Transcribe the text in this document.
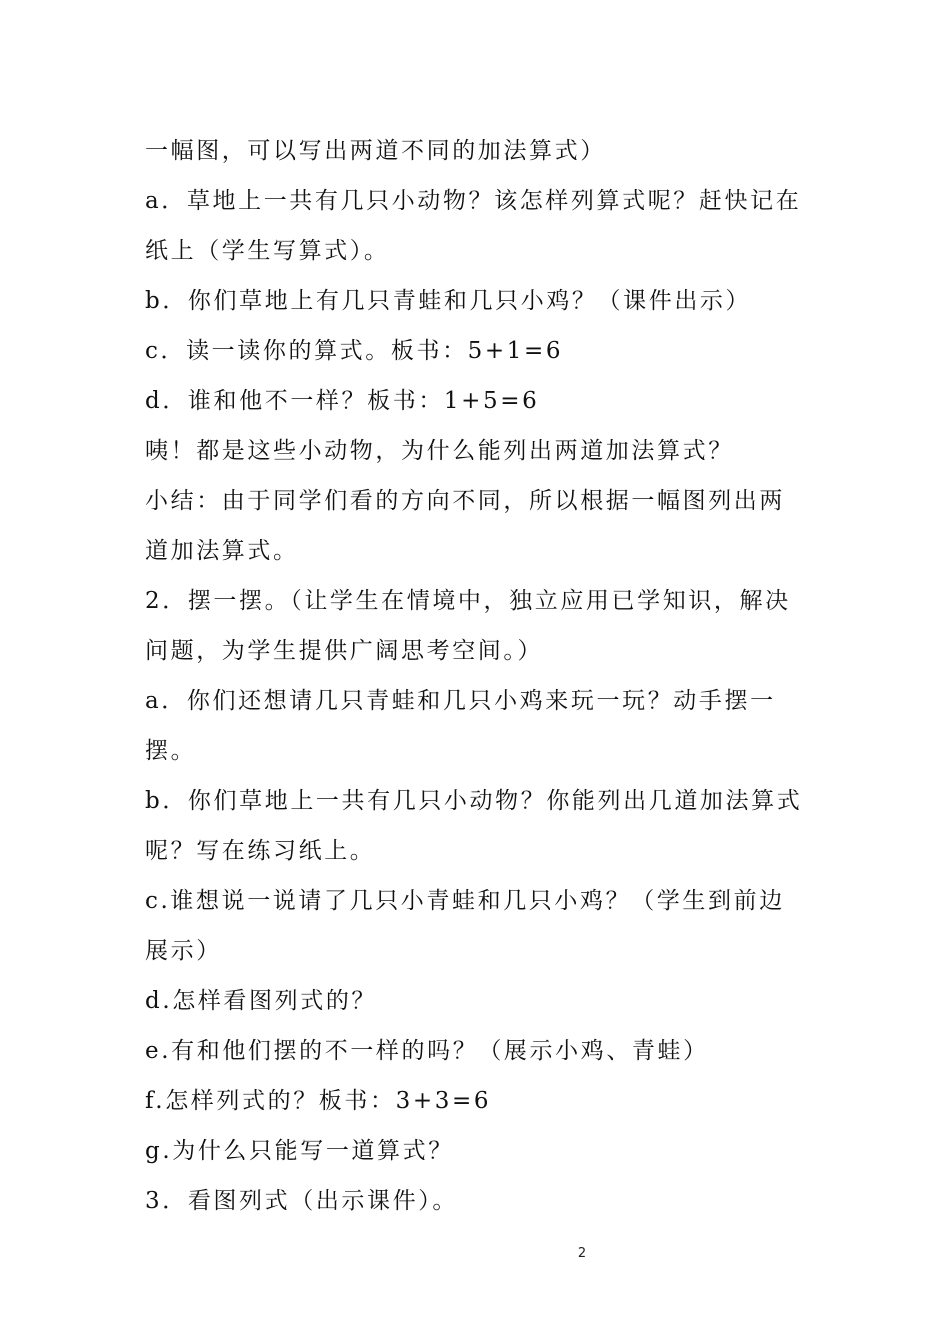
一幅图，可以写出两道不同的加法算式）
a．草地上一共有几只小动物？该怎样列算式呢？赶快记在
纸上（学生写算式）。
b．你们草地上有几只青蛙和几只小鸡？（课件出示）
c．读一读你的算式。板书：5+1=6
d．谁和他不一样？板书：1+5=6
咦！都是这些小动物，为什么能列出两道加法算式？
小结：由于同学们看的方向不同，所以根据一幅图列出两
道加法算式。
2．摆一摆。（让学生在情境中，独立应用已学知识，解决
问题，为学生提供广阔思考空间。）
a．你们还想请几只青蛙和几只小鸡来玩一玩？动手摆一
摆。
b．你们草地上一共有几只小动物？你能列出几道加法算式
呢？写在练习纸上。
c.谁想说一说请了几只小青蛙和几只小鸡？（学生到前边
展示）
d.怎样看图列式的？
e.有和他们摆的不一样的吗？（展示小鸡、青蛙）
f.怎样列式的？板书：3+3=6
g.为什么只能写一道算式？
3．看图列式（出示课件）。
2
